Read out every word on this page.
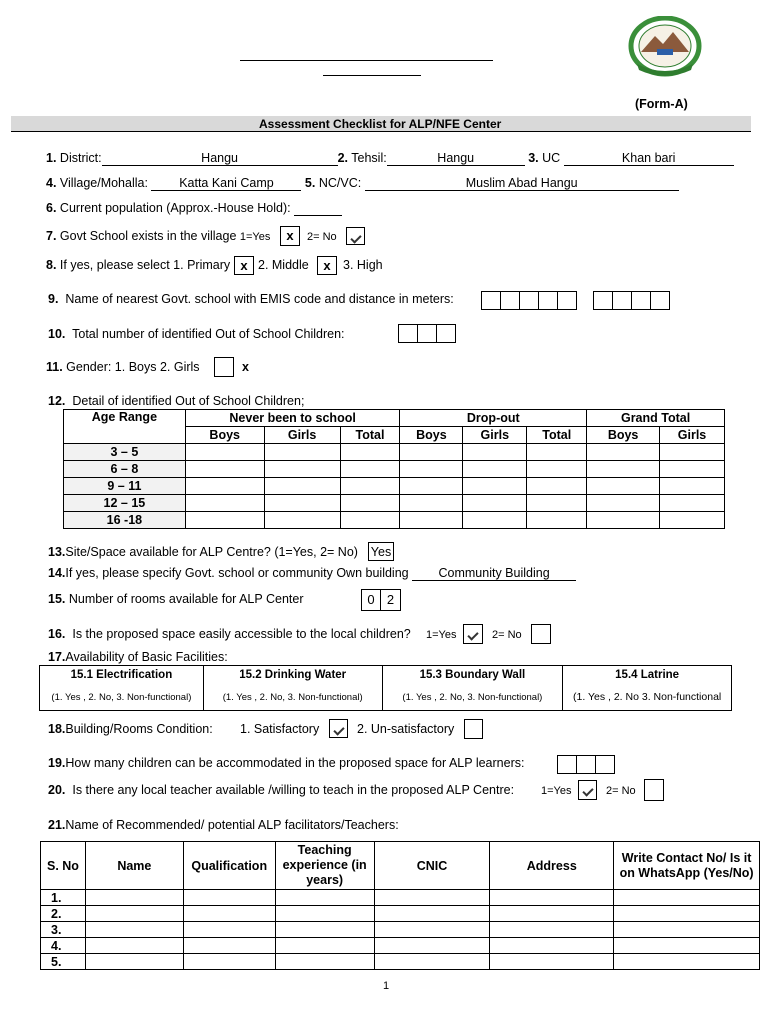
(Form-A)
Assessment Checklist for ALP/NFE Center
1. District:	Hangu	2. Tehsil:	Hangu	3. UC	Khan bari
4. Village/Mohalla: Katta Kani Camp 5. NC/VC:	Muslim Abad Hangu
6. Current population (Approx.-House Hold):
7. Govt School exists in the village 1=Yes	x	2= No
8. If yes, please select 1. Primary x 2. Middle	x 3. High
9. Name of nearest Govt. school with EMIS code and distance in meters:
10. Total number of identified Out of School Children:
11. Gender: 1. Boys 2. Girls	x
12. Detail of identified Out of School Children;
Age Range	Never been to school			Drop-out			Grand Total	
	Boys	Girls	Total	Boys	Girls	Total	Boys	Girls
3 – 5								
6 – 8								
9 – 11								
12 – 15								
16 -18								
13.Site/Space available for ALP Centre? (1=Yes, 2= No) Yes
14.If yes, please specify Govt. school or community Own building Community Building
15. Number of rooms available for ALP Center	0 2
16. Is the proposed space easily accessible to the local children? 1=Yes	2= No
17.Availability of Basic Facilities:
15.1 Electrification	15.2 Drinking Water	15.3 Boundary Wall	15.4 Latrine
(1. Yes , 2. No, 3. Non-functional)	(1. Yes , 2. No, 3. Non-functional)	(1. Yes , 2. No, 3. Non-functional)	(1. Yes , 2. No 3. Non-functional
18.Building/Rooms Condition: 1. Satisfactory	2. Un-satisfactory
19.How many children can be accommodated in the proposed space for ALP learners:
20. Is there any local teacher available /willing to teach in the proposed ALP Centre: 1=Yes	2= No
21.Name of Recommended/ potential ALP facilitators/Teachers:
S. No	Name	Qualification	Teaching experience (in years)	CNIC	Address	Write Contact No/ Is it on WhatsApp (Yes/No)
1.						
2.						
3.						
4.						
5.						
1
